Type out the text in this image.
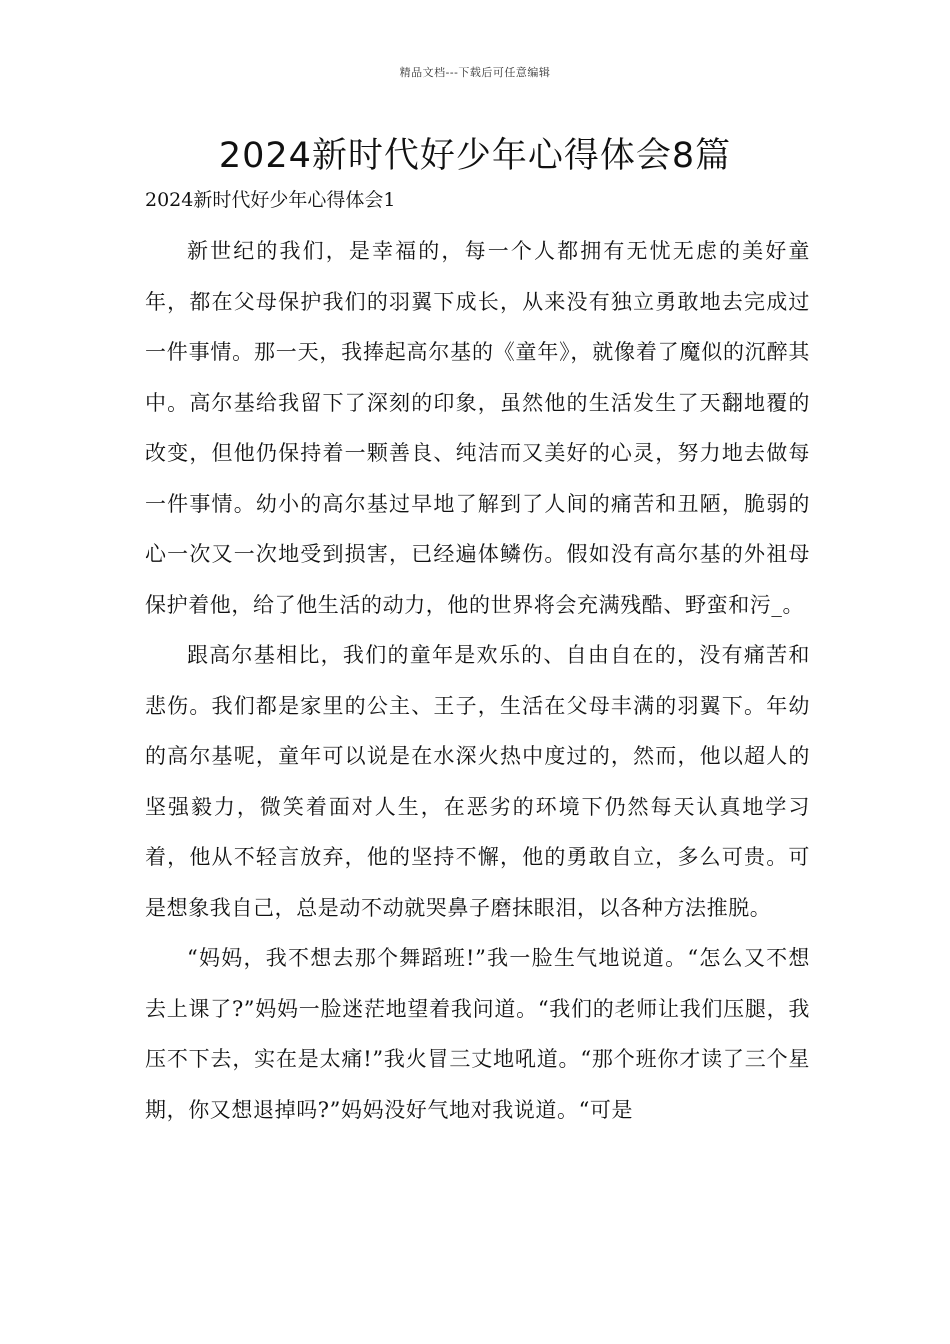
精品文档---下载后可任意编辑
2024新时代好少年心得体会8篇
2024新时代好少年心得体会1

新世纪的我们，是幸福的，每一个人都拥有无忧无虑的美好童年，都在父母保护我们的羽翼下成长，从来没有独立勇敢地去完成过一件事情。那一天，我捧起高尔基的《童年》，就像着了魔似的沉醉其中。高尔基给我留下了深刻的印象，虽然他的生活发生了天翻地覆的改变，但他仍保持着一颗善良、纯洁而又美好的心灵，努力地去做每一件事情。幼小的高尔基过早地了解到了人间的痛苦和丑陋，脆弱的心一次又一次地受到损害，已经遍体鳞伤。假如没有高尔基的外祖母保护着他，给了他生活的动力，他的世界将会充满残酷、野蛮和污_。

跟高尔基相比，我们的童年是欢乐的、自由自在的，没有痛苦和悲伤。我们都是家里的公主、王子，生活在父母丰满的羽翼下。年幼的高尔基呢，童年可以说是在水深火热中度过的，然而，他以超人的坚强毅力，微笑着面对人生，在恶劣的环境下仍然每天认真地学习着，他从不轻言放弃，他的坚持不懈，他的勇敢自立，多么可贵。可是想象我自己，总是动不动就哭鼻子磨抹眼泪，以各种方法推脱。

“妈妈，我不想去那个舞蹈班!”我一脸生气地说道。“怎么又不想去上课了?”妈妈一脸迷茫地望着我问道。“我们的老师让我们压腿，我压不下去，实在是太痛!”我火冒三丈地吼道。“那个班你才读了三个星期，你又想退掉吗?”妈妈没好气地对我说道。“可是
